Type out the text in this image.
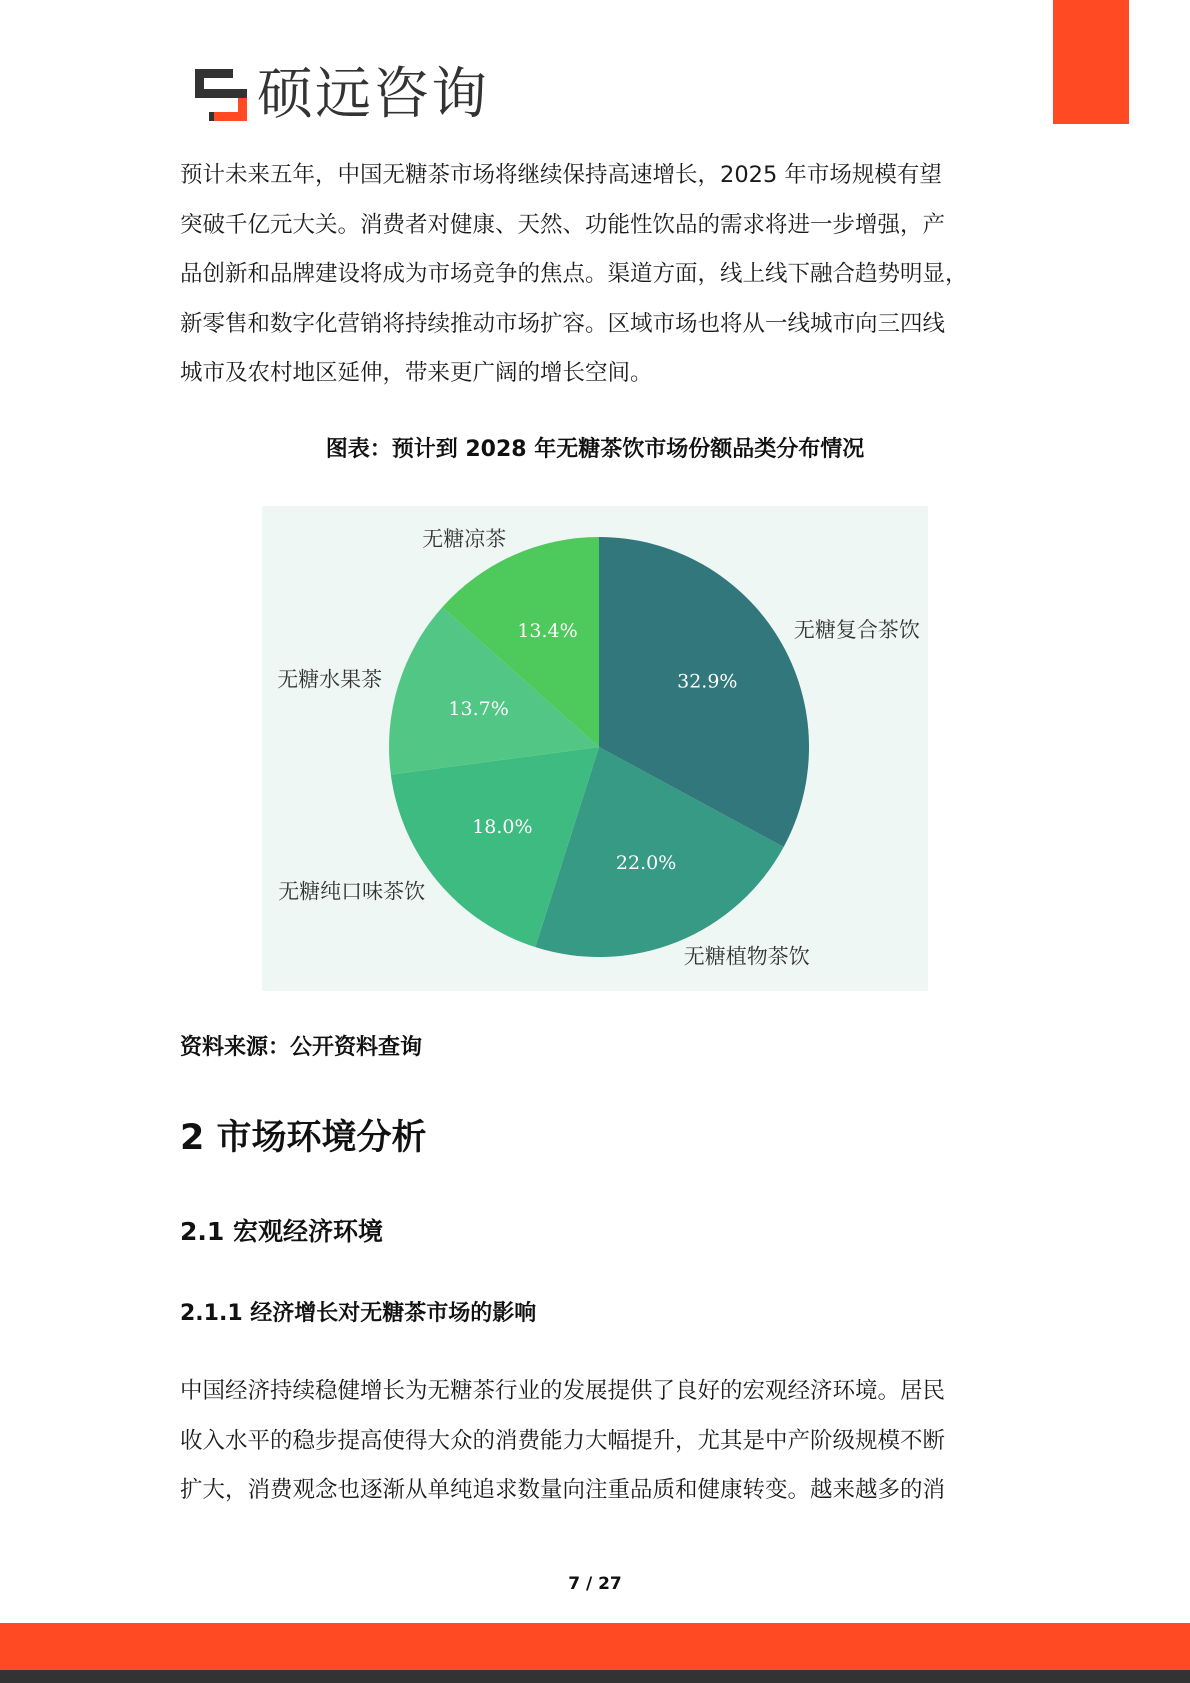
硕远咨询

预计未来五年，中国无糖茶市场将继续保持高速增长，2025 年市场规模有望
突破千亿元大关。消费者对健康、天然、功能性饮品的需求将进一步增强，产
品创新和品牌建设将成为市场竞争的焦点。渠道方面，线上线下融合趋势明显，
新零售和数字化营销将持续推动市场扩容。区域市场也将从一线城市向三四线
城市及农村地区延伸，带来更广阔的增长空间。

图表：预计到 2028 年无糖茶饮市场份额品类分布情况

32.9%
22.0%
18.0%
13.7%
13.4%	无糖复合茶饮
无糖植物茶饮
无糖纯口味茶饮
无糖水果茶
无糖凉茶

资料来源：公开资料查询

2 市场环境分析
2.1 宏观经济环境
2.1.1 经济增长对无糖茶市场的影响

中国经济持续稳健增长为无糖茶行业的发展提供了良好的宏观经济环境。居民
收入水平的稳步提高使得大众的消费能力大幅提升，尤其是中产阶级规模不断
扩大，消费观念也逐渐从单纯追求数量向注重品质和健康转变。越来越多的消

7 / 27
